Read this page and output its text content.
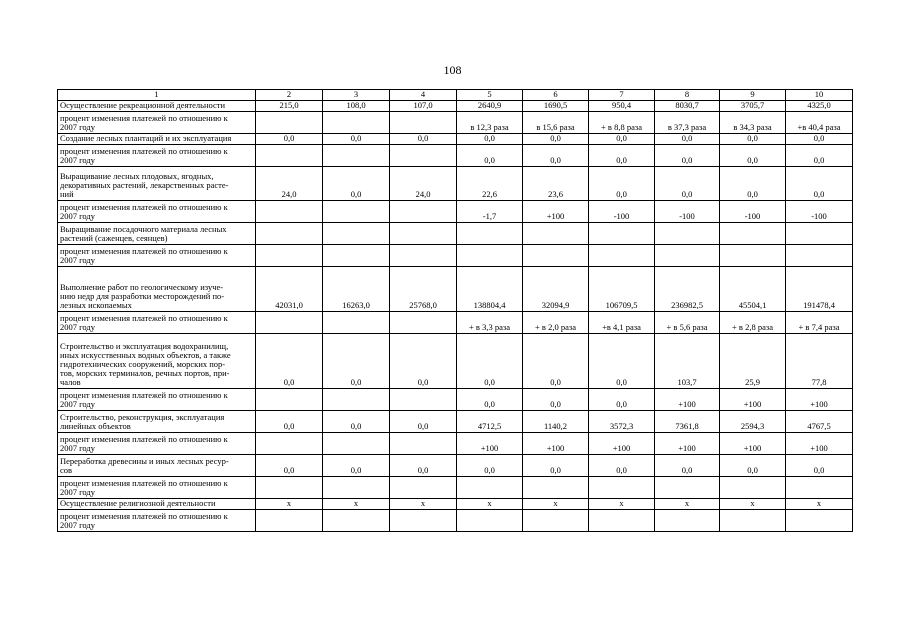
108
1	2	3	4	5	6	7	8	9	10
Осуществление рекреационной деятельности	215,0	108,0	107,0	2640,9	1690,5	950,4	8030,7	3705,7	4325,0
процент изменения платежей по отношению к
2007 году				в 12,3 раза	в 15,6 раза	+ в 8,8 раза	в 37,3 раза	в 34,3 раза	+в 40,4 раза
Создание лесных плантаций и их эксплуатация	0,0	0,0	0,0	0,0	0,0	0,0	0,0	0,0	0,0
процент изменения платежей по отношению к
2007 году				0,0	0,0	0,0	0,0	0,0	0,0
Выращивание лесных плодовых, ягодных,
декоративных растений, лекарственных расте-
ний	24,0	0,0	24,0	22,6	23,6	0,0	0,0	0,0	0,0
процент изменения платежей по отношению к
2007 году				-1,7	+100	-100	-100	-100	-100
Выращивание посадочного материала лесных
растений (саженцев, сеянцев)									
процент изменения платежей по отношению к
2007 году									
Выполнение работ по геологическому изуче-
нию недр для разработки месторождений по-
лезных ископаемых	42031,0	16263,0	25768,0	138804,4	32094,9	106709,5	236982,5	45504,1	191478,4
процент изменения платежей по отношению к
2007 году				+ в 3,3 раза	+ в 2,0 раза	+в 4,1 раза	+ в 5,6 раза	+ в 2,8 раза	+ в 7,4 раза
Строительство и эксплуатация водохранилищ,
иных искусственных водных объектов, а также
гидротехнических сооружений, морских пор-
тов, морских терминалов, речных портов, при-
чалов	0,0	0,0	0,0	0,0	0,0	0,0	103,7	25,9	77,8
процент изменения платежей по отношению к
2007 году				0,0	0,0	0,0	+100	+100	+100
Строительство, реконструкция, эксплуатация
линейных объектов	0,0	0,0	0,0	4712,5	1140,2	3572,3	7361,8	2594,3	4767,5
процент изменения платежей по отношению к
2007 году				+100	+100	+100	+100	+100	+100
Переработка древесины и иных лесных ресур-
сов	0,0	0,0	0,0	0,0	0,0	0,0	0,0	0,0	0,0
процент изменения платежей по отношению к
2007 году									
Осуществление религиозной деятельности	х	х	х	х	х	х	х	х	х
процент изменения платежей по отношению к
2007 году									
